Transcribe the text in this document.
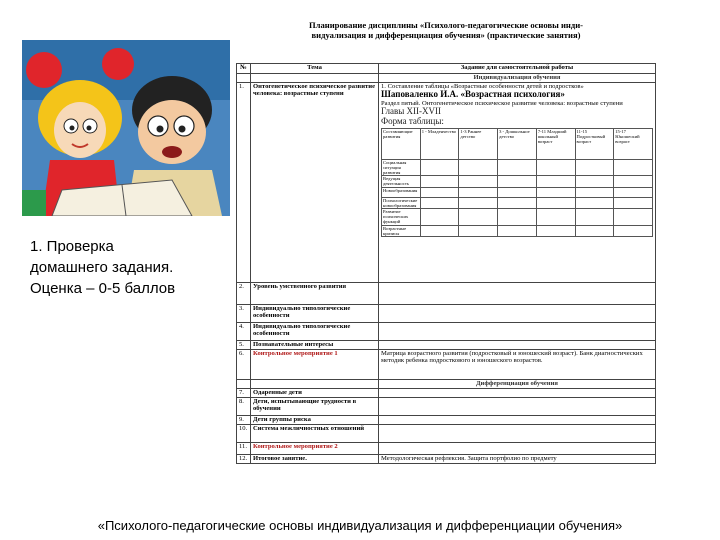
1. Проверка
домашнего задания.
Оценка – 0-5 баллов
Планирование дисциплины «Психолого-педагогические основы инди-
видуализация и дифференциация обучения» (практические занятия)
№	Тема	Задание для самостоятельной работы
		Индивидуализация обучения
1.	Онтогенетическое психическое развитие человека: возрастные ступени	
1. Составление таблицы «Возрастные особенности детей и подростков»
Шаповаленко И.А. «Возрастная психология»
Раздел пятый. Онтогенетическое психическое развитие человека: возрастные ступени
Главы XII-XVII
Форма таблицы:
Составляющие развития	1 - Младенчество	1-3 Раннее детство	3 - Дошкольное детство	7-11 Младший школьный возраст	11-15 Подростковый возраст	15-17 Юношеский возраст
Социальная ситуация развития						
Ведущая деятельность						
Новообразования						
Психологические новообразования						
Развитие психических функций						
Возрастные кризисы						

2.	Уровень умственного развития	
3.	Индивидуально типологические особенности	
4.	Индивидуально типологические особенности	
5.	Познавательные интересы	
6.	Контрольное мероприятие 1	Матрица возрастного развития (подростковый и юношеский возраст). Банк диагностических методик ребенка подросткового и юношеского возрастов.
		Дифференциация обучения
7.	Одаренные дети	
8.	Дети, испытывающие трудности в обучении	
9.	Дети группы риска	
10.	Система межличностных отношений	
11.	Контрольное мероприятие 2	
12.	Итоговое занятие.	Методологическая рефлексия. Защита портфолио по предмету
«Психолого-педагогические основы индивидуализация и дифференциации обучения»
